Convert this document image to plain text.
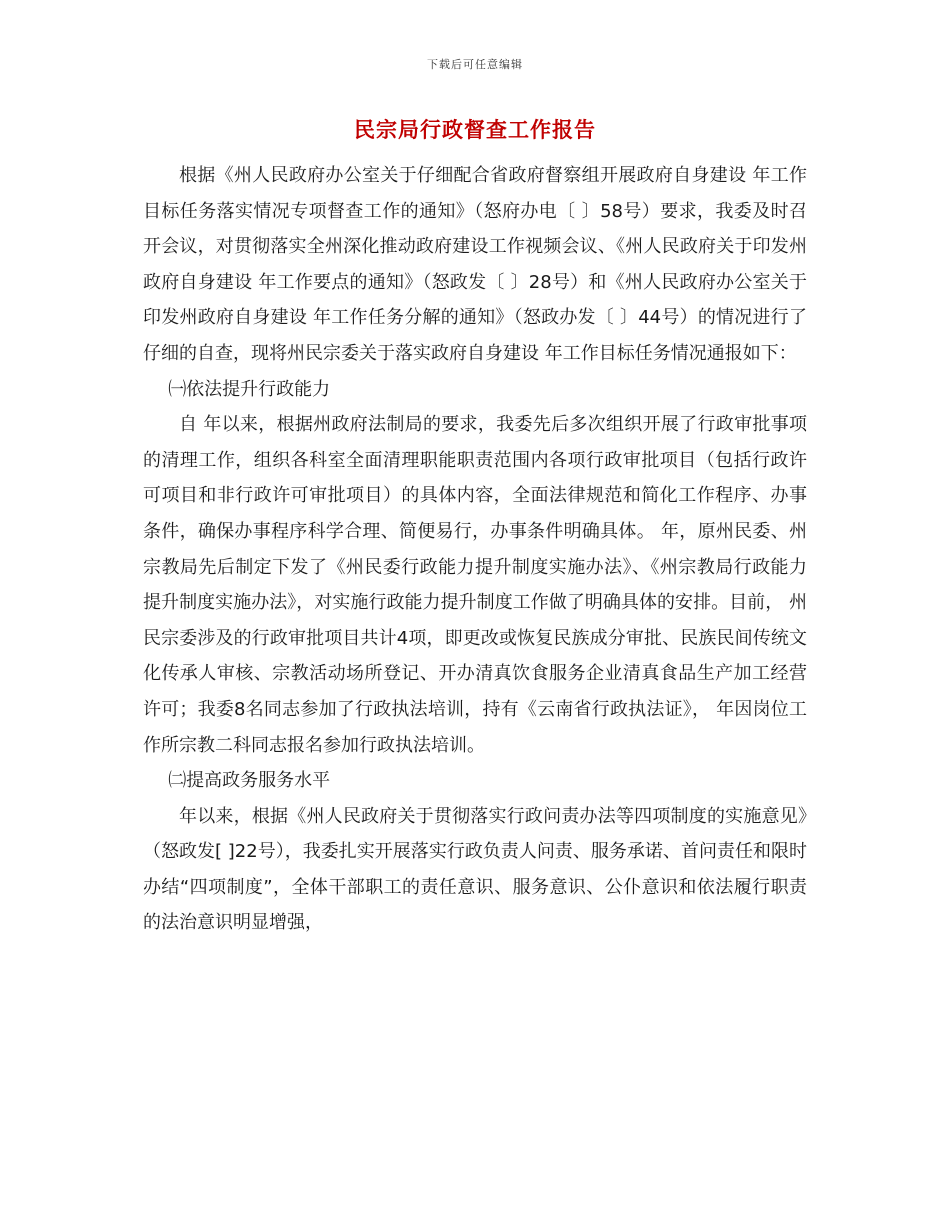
下载后可任意编辑
民宗局行政督查工作报告

根据《州人民政府办公室关于仔细配合省政府督察组开展政府自身建设 年工作目标任务落实情况专项督查工作的通知》（怒府办电〔 〕58号）要求，我委及时召开会议，对贯彻落实全州深化推动政府建设工作视频会议、《州人民政府关于印发州政府自身建设 年工作要点的通知》（怒政发〔 〕28号）和《州人民政府办公室关于印发州政府自身建设 年工作任务分解的通知》（怒政办发〔 〕44号）的情况进行了仔细的自查，现将州民宗委关于落实政府自身建设 年工作目标任务情况通报如下：

㈠依法提升行政能力

自 年以来，根据州政府法制局的要求，我委先后多次组织开展了行政审批事项的清理工作，组织各科室全面清理职能职责范围内各项行政审批项目（包括行政许可项目和非行政许可审批项目）的具体内容，全面法律规范和简化工作程序、办事条件，确保办事程序科学合理、简便易行，办事条件明确具体。 年，原州民委、州宗教局先后制定下发了《州民委行政能力提升制度实施办法》、《州宗教局行政能力提升制度实施办法》，对实施行政能力提升制度工作做了明确具体的安排。目前， 州民宗委涉及的行政审批项目共计4项，即更改或恢复民族成分审批、民族民间传统文化传承人审核、宗教活动场所登记、开办清真饮食服务企业清真食品生产加工经营许可；我委8名同志参加了行政执法培训，持有《云南省行政执法证》， 年因岗位工作所宗教二科同志报名参加行政执法培训。

㈡提高政务服务水平

年以来，根据《州人民政府关于贯彻落实行政问责办法等四项制度的实施意见》（怒政发[ ]22号），我委扎实开展落实行政负责人问责、服务承诺、首问责任和限时办结“四项制度”，全体干部职工的责任意识、服务意识、公仆意识和依法履行职责的法治意识明显增强，
